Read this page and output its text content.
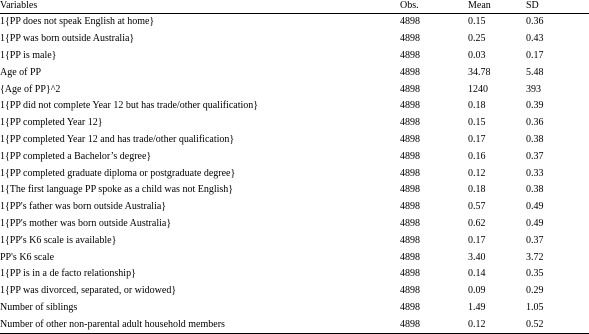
Variables	Obs.	Mean	SD
1{PP does not speak English at home}	4898	0.15	0.36
1{PP was born outside Australia}	4898	0.25	0.43
1{PP is male}	4898	0.03	0.17
Age of PP	4898	34.78	5.48
{Age of PP}^2	4898	1240	393
1{PP did not complete Year 12 but has trade/other qualification}	4898	0.18	0.39
1{PP completed Year 12}	4898	0.15	0.36
1{PP completed Year 12 and has trade/other qualification}	4898	0.17	0.38
1{PP completed a Bachelor’s degree}	4898	0.16	0.37
1{PP completed graduate diploma or postgraduate degree}	4898	0.12	0.33
1{The first language PP spoke as a child was not English}	4898	0.18	0.38
1{PP's father was born outside Australia}	4898	0.57	0.49
1{PP's mother was born outside Australia}	4898	0.62	0.49
1{PP's K6 scale is available}	4898	0.17	0.37
PP's K6 scale	4898	3.40	3.72
1{PP is in a de facto relationship}	4898	0.14	0.35
1{PP was divorced, separated, or widowed}	4898	0.09	0.29
Number of siblings	4898	1.49	1.05
Number of other non-parental adult household members	4898	0.12	0.52
